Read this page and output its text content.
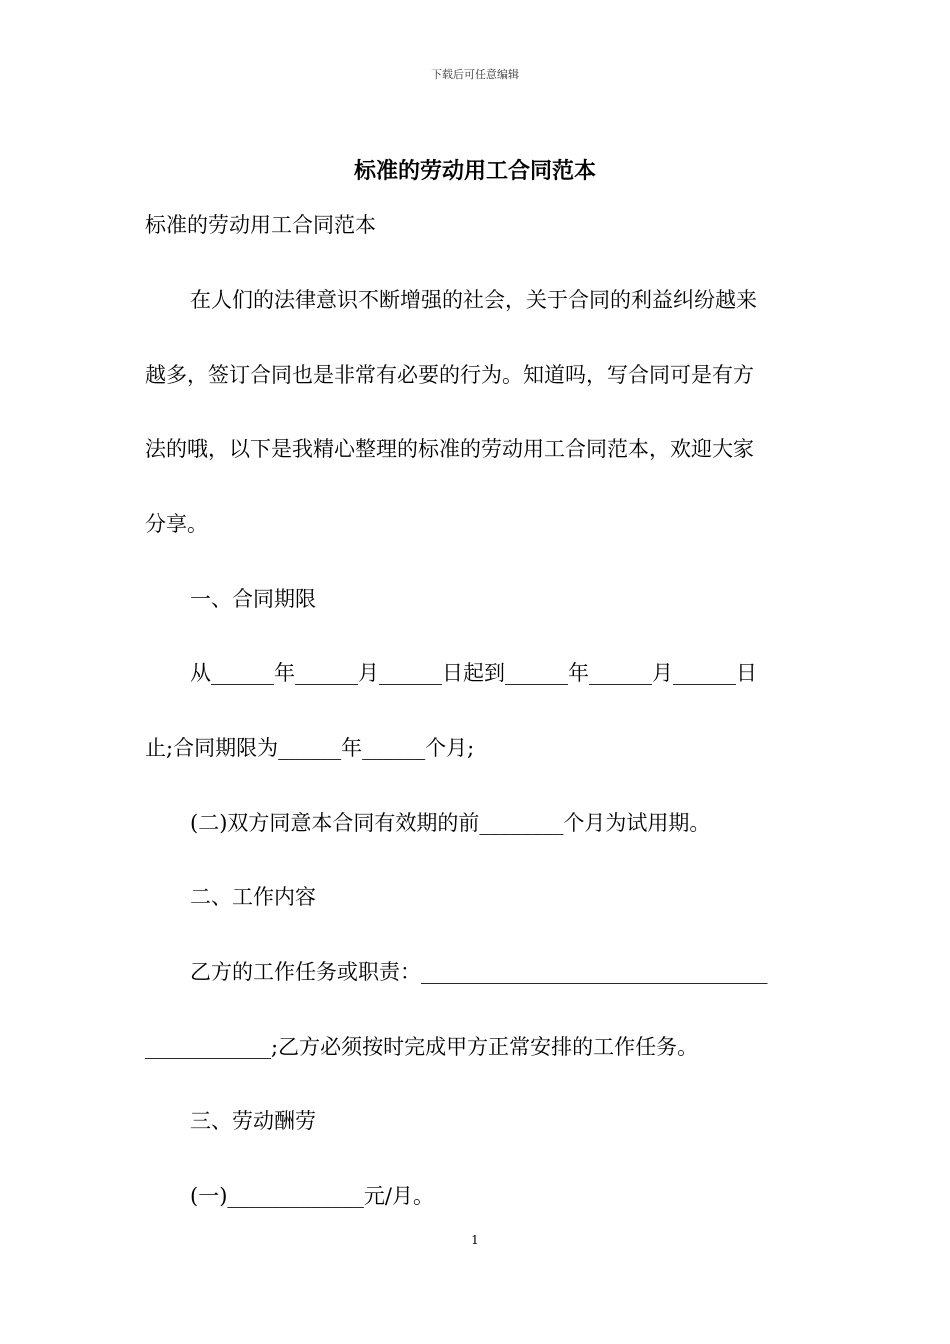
下载后可任意编辑
标准的劳动用工合同范本
标准的劳动用工合同范本
在人们的法律意识不断增强的社会，关于合同的利益纠纷越来
越多，签订合同也是非常有必要的行为。知道吗，写合同可是有方
法的哦，以下是我精心整理的标准的劳动用工合同范本，欢迎大家
分享。
一、合同期限
从______年______月______日起到______年______月______日
止;合同期限为______年______个月;
(二)双方同意本合同有效期的前________个月为试用期。
二、工作内容
乙方的工作任务或职责：_________________________________
____________;乙方必须按时完成甲方正常安排的工作任务。
三、劳动酬劳
(一)_____________元/月。
1
